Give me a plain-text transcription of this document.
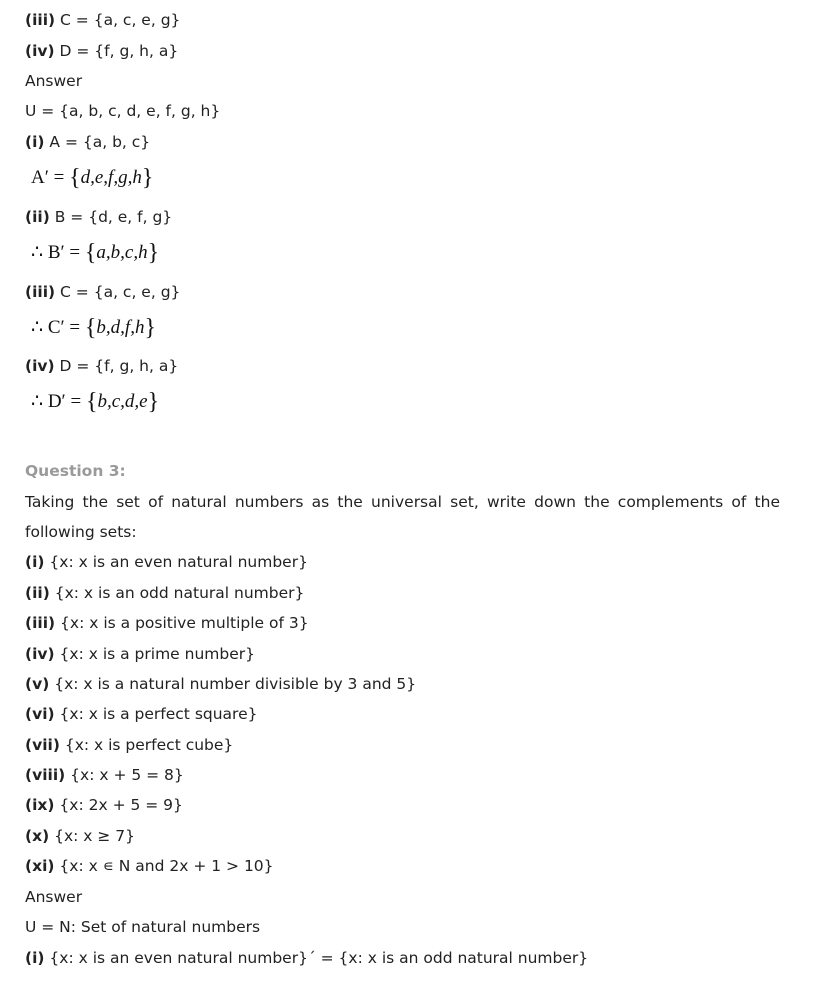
(iii) C = {a, c, e, g}
(iv) D = {f, g, h, a}
Answer
U = {a, b, c, d, e, f, g, h}
(i) A = {a, b, c}
A′ = {d,e,f,g,h}
(ii) B = {d, e, f, g}
∴ B′ = {a,b,c,h}
(iii) C = {a, c, e, g}
∴ C′ = {b,d,f,h}
(iv) D = {f, g, h, a}
∴ D′ = {b,c,d,e}
Question 3:
Taking the set of natural numbers as the universal set, write down the complements of the following sets:
(i) {x: x is an even natural number}
(ii) {x: x is an odd natural number}
(iii) {x: x is a positive multiple of 3}
(iv) {x: x is a prime number}
(v) {x: x is a natural number divisible by 3 and 5}
(vi) {x: x is a perfect square}
(vii) {x: x is perfect cube}
(viii) {x: x + 5 = 8}
(ix) {x: 2x + 5 = 9}
(x) {x: x ≥ 7}
(xi) {x: x ∊ N and 2x + 1 > 10}
Answer
U = N: Set of natural numbers
(i) {x: x is an even natural number}´ = {x: x is an odd natural number}
